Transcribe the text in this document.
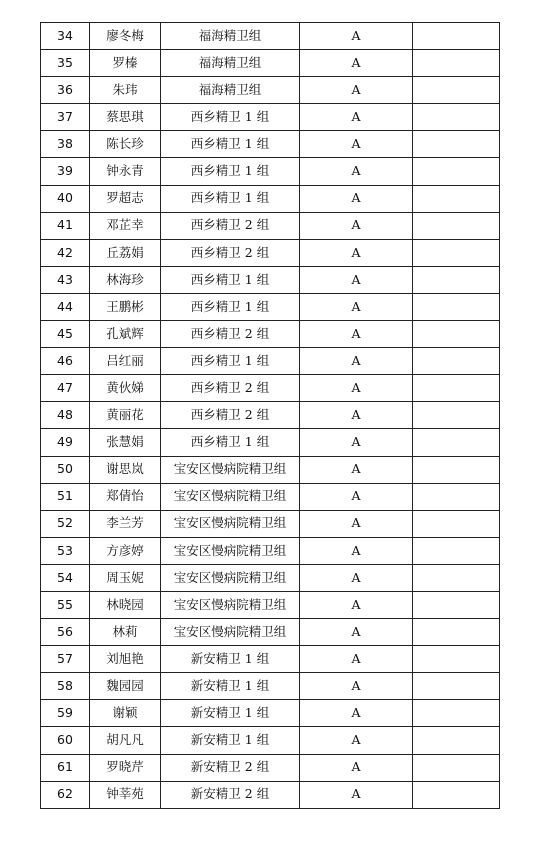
34	廖冬梅	福海精卫组	A	
35	罗榛	福海精卫组	A	
36	朱玮	福海精卫组	A	
37	蔡思琪	西乡精卫 1 组	A	
38	陈长珍	西乡精卫 1 组	A	
39	钟永青	西乡精卫 1 组	A	
40	罗超志	西乡精卫 1 组	A	
41	邓芷幸	西乡精卫 2 组	A	
42	丘荔娟	西乡精卫 2 组	A	
43	林海珍	西乡精卫 1 组	A	
44	王鹏彬	西乡精卫 1 组	A	
45	孔斌辉	西乡精卫 2 组	A	
46	吕红丽	西乡精卫 1 组	A	
47	黄伙娣	西乡精卫 2 组	A	
48	黄丽花	西乡精卫 2 组	A	
49	张慧娟	西乡精卫 1 组	A	
50	谢思岚	宝安区慢病院精卫组	A	
51	郑倩怡	宝安区慢病院精卫组	A	
52	李兰芳	宝安区慢病院精卫组	A	
53	方彦婷	宝安区慢病院精卫组	A	
54	周玉妮	宝安区慢病院精卫组	A	
55	林晓园	宝安区慢病院精卫组	A	
56	林莉	宝安区慢病院精卫组	A	
57	刘旭艳	新安精卫 1 组	A	
58	魏园园	新安精卫 1 组	A	
59	谢颖	新安精卫 1 组	A	
60	胡凡凡	新安精卫 1 组	A	
61	罗晓芹	新安精卫 2 组	A	
62	钟莘苑	新安精卫 2 组	A	
